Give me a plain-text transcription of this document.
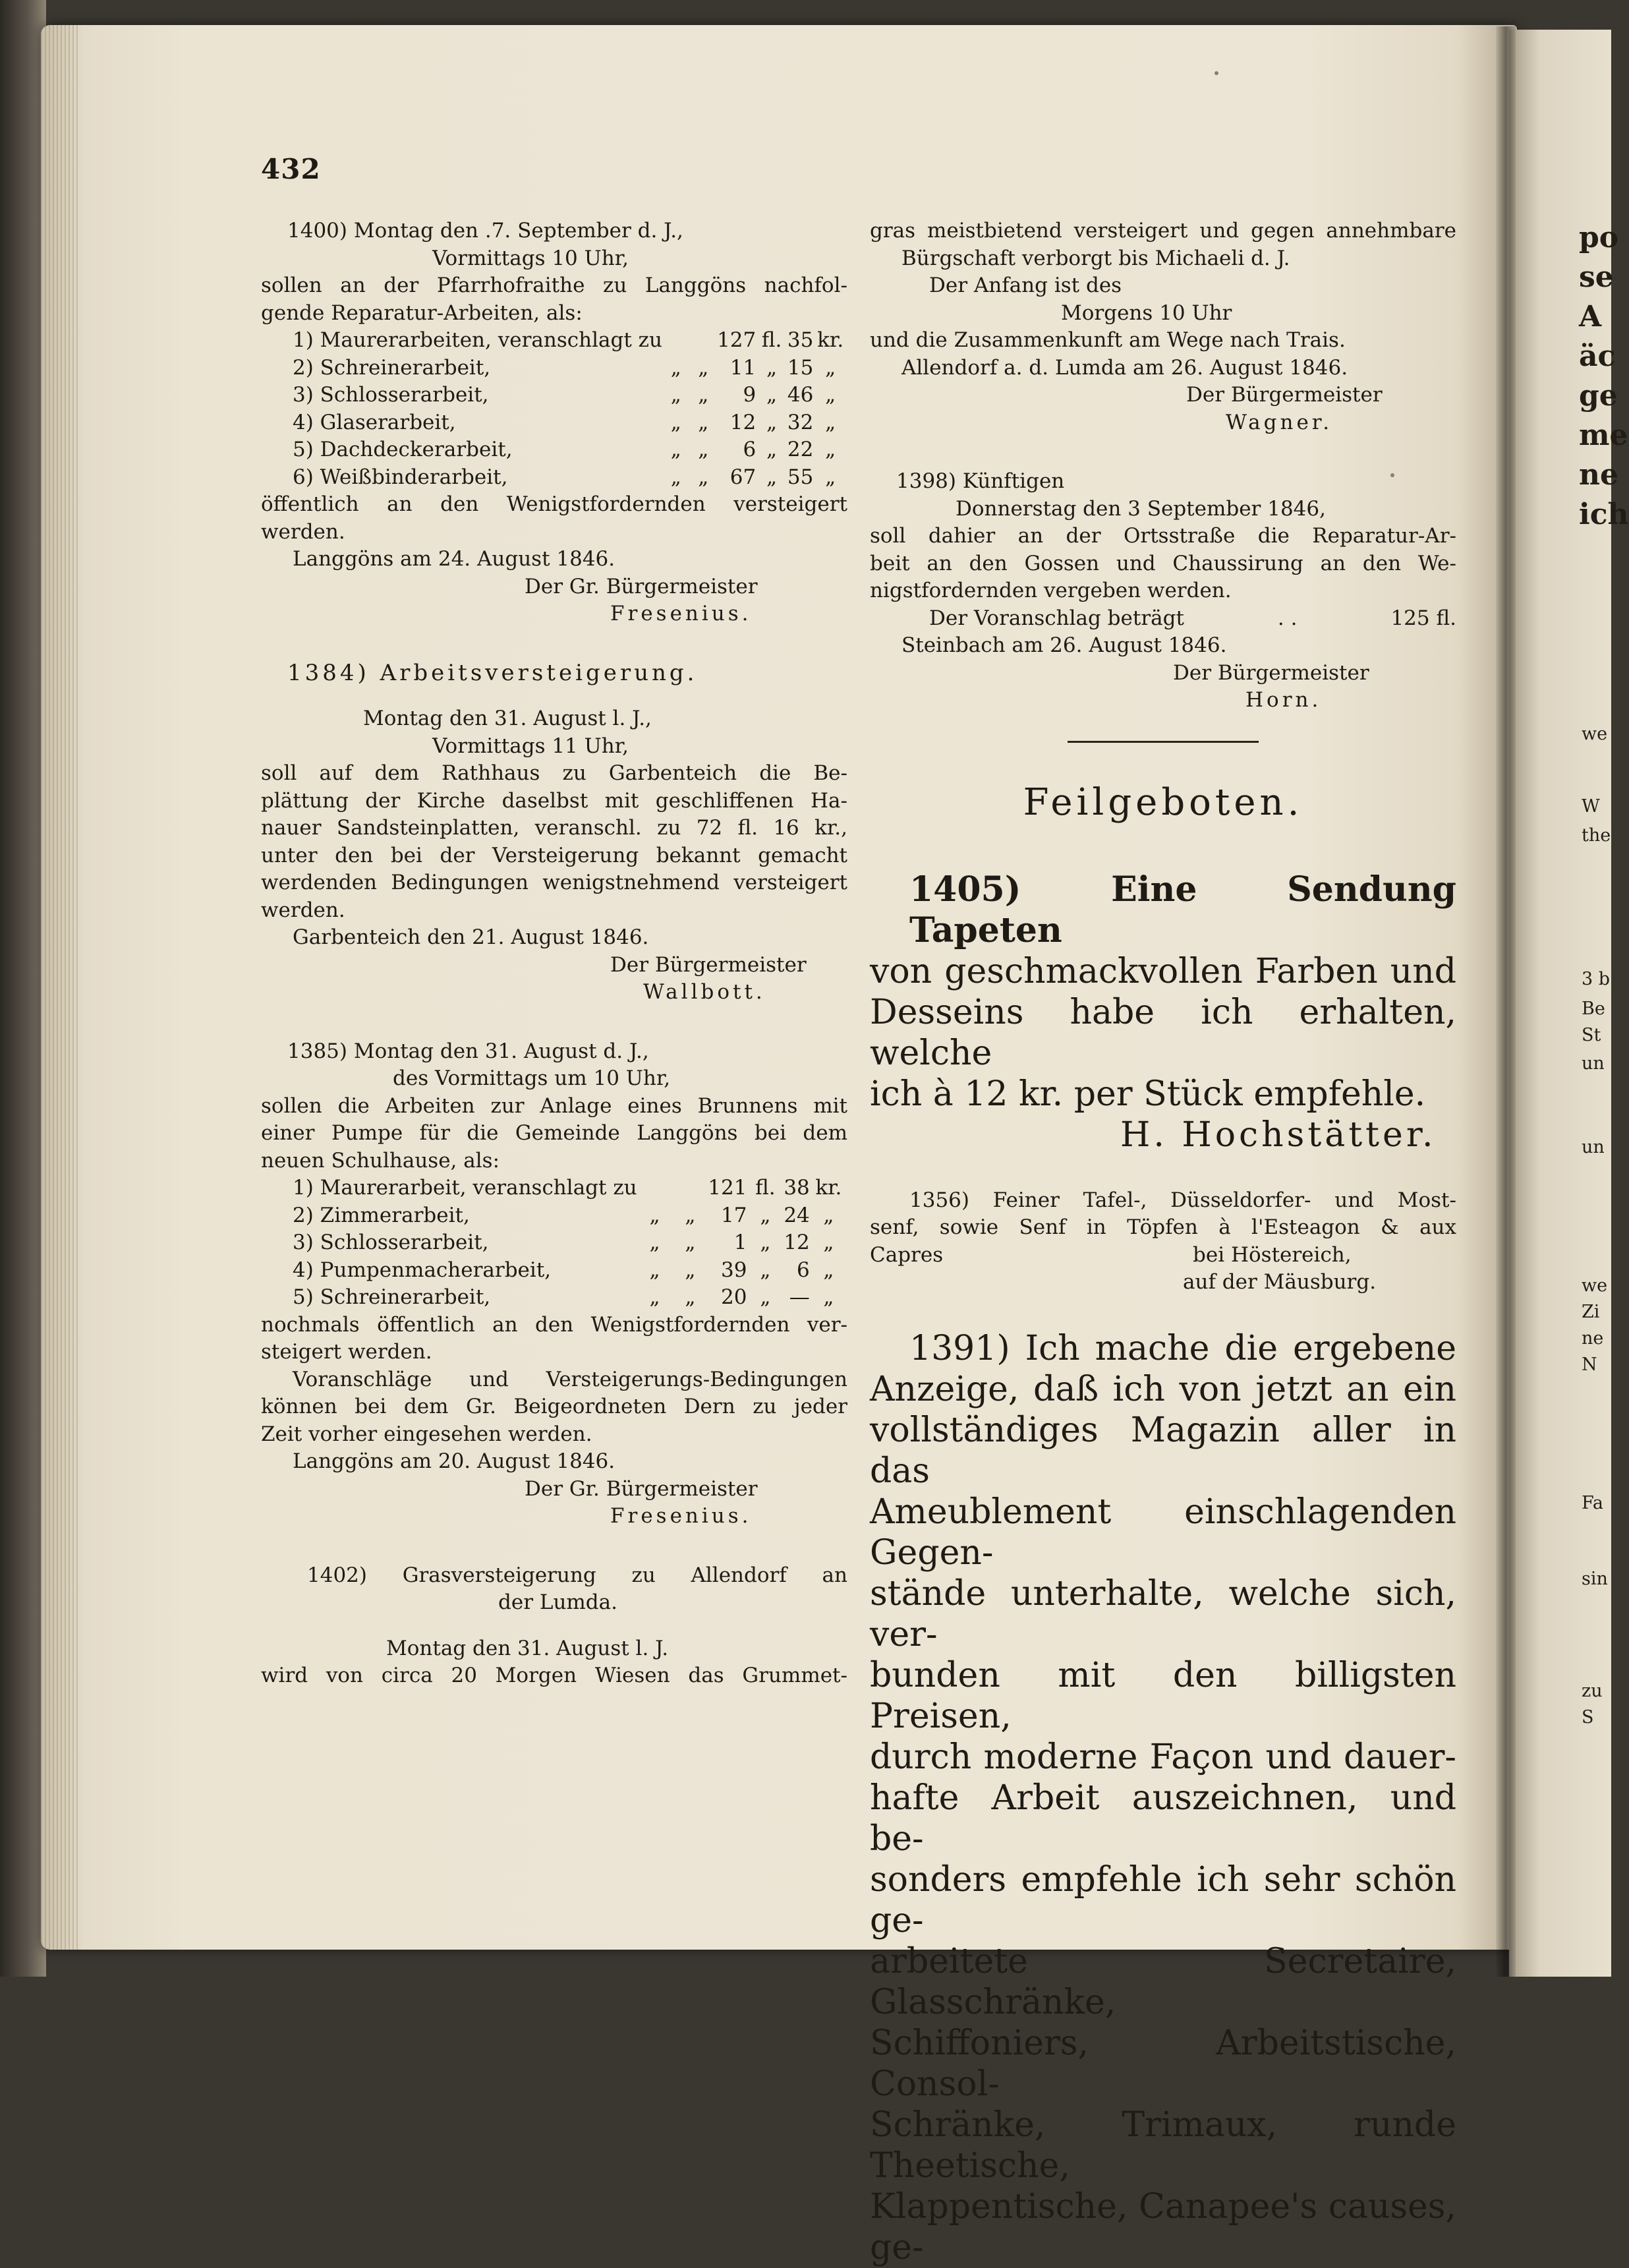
432

1400) Montag den .7. September d. J.,

Vormittags 10 Uhr,

sollen an der Pfarrhofraithe zu Langgöns nachfol-

gende Reparatur-Arbeiten, als:

1) Maurerarbeiten, veranschlagt zu			127	fl.	35	kr.
2) Schreinerarbeit,	„	„	11	„	15	„
3) Schlosserarbeit,	„	„	9	„	46	„
4) Glaserarbeit,	„	„	12	„	32	„
5) Dachdeckerarbeit,	„	„	6	„	22	„
6) Weißbinderarbeit,	„	„	67	„	55	„

öffentlich an den Wenigstfordernden versteigert

werden.

Langgöns am 24. August 1846.

Der Gr. Bürgermeister

Fresenius.

1384) Arbeitsversteigerung.

Montag den 31. August l. J.,

Vormittags 11 Uhr,

soll auf dem Rathhaus zu Garbenteich die Be-

plättung der Kirche daselbst mit geschliffenen Ha-

nauer Sandsteinplatten, veranschl. zu 72 fl. 16 kr.,

unter den bei der Versteigerung bekannt gemacht

werdenden Bedingungen wenigstnehmend versteigert

werden.

Garbenteich den 21. August 1846.

Der Bürgermeister

Wallbott.

1385) Montag den 31. August d. J.,

des Vormittags um 10 Uhr,

sollen die Arbeiten zur Anlage eines Brunnens mit

einer Pumpe für die Gemeinde Langgöns bei dem

neuen Schulhause, als:

1) Maurerarbeit, veranschlagt zu			121	fl.	38	kr.
2) Zimmerarbeit,	„	„	17	„	24	„
3) Schlosserarbeit,	„	„	1	„	12	„
4) Pumpenmacherarbeit,	„	„	39	„	6	„
5) Schreinerarbeit,	„	„	20	„	—	„

nochmals öffentlich an den Wenigstfordernden ver-

steigert werden.

Voranschläge und Versteigerungs-Bedingungen

können bei dem Gr. Beigeordneten Dern zu jeder

Zeit vorher eingesehen werden.

Langgöns am 20. August 1846.

Der Gr. Bürgermeister

Fresenius.

1402) Grasversteigerung zu Allendorf an

der Lumda.

Montag den 31. August l. J.

wird von circa 20 Morgen Wiesen das Grummet-

gras meistbietend versteigert und gegen annehmbare

Bürgschaft verborgt bis Michaeli d. J.

Der Anfang ist des

Morgens 10 Uhr

und die Zusammenkunft am Wege nach Trais.

Allendorf a. d. Lumda am 26. August 1846.

Der Bürgermeister

Wagner.

1398) Künftigen

Donnerstag den 3 September 1846,

soll dahier an der Ortsstraße die Reparatur-Ar-

beit an den Gossen und Chaussirung an den We-

nigstfordernden vergeben werden.

Der Voranschlag beträgt	. .	125 fl.

Steinbach am 26. August 1846.

Der Bürgermeister

Horn.

Feilgeboten.

1405) Eine Sendung Tapeten

von geschmackvollen Farben und

Desseins habe ich erhalten, welche

ich à 12 kr. per Stück empfehle.

H. Hochstätter.

1356) Feiner Tafel-, Düsseldorfer- und Most-

senf, sowie Senf in Töpfen à l'Esteagon & aux

Capres	bei Höstereich,

auf der Mäusburg.

1391) Ich mache die ergebene

Anzeige, daß ich von jetzt an ein

vollständiges Magazin aller in das

Ameublement einschlagenden Gegen-

stände unterhalte, welche sich, ver-

bunden mit den billigsten Preisen,

durch moderne Façon und dauer-

hafte Arbeit auszeichnen, und be-

sonders empfehle ich sehr schön ge-

arbeitete Secretaire, Glasschränke,

Schiffoniers, Arbeitstische, Consol-

Schränke, Trimaux, runde Theetische,

Klappentische, Canapee's causes, ge-

po
se
A
äc
ge
me
ne
ich
we
W
the
3 b
Be
St
un
un
we
Zi
ne
N
Fa
sin
zu
S
